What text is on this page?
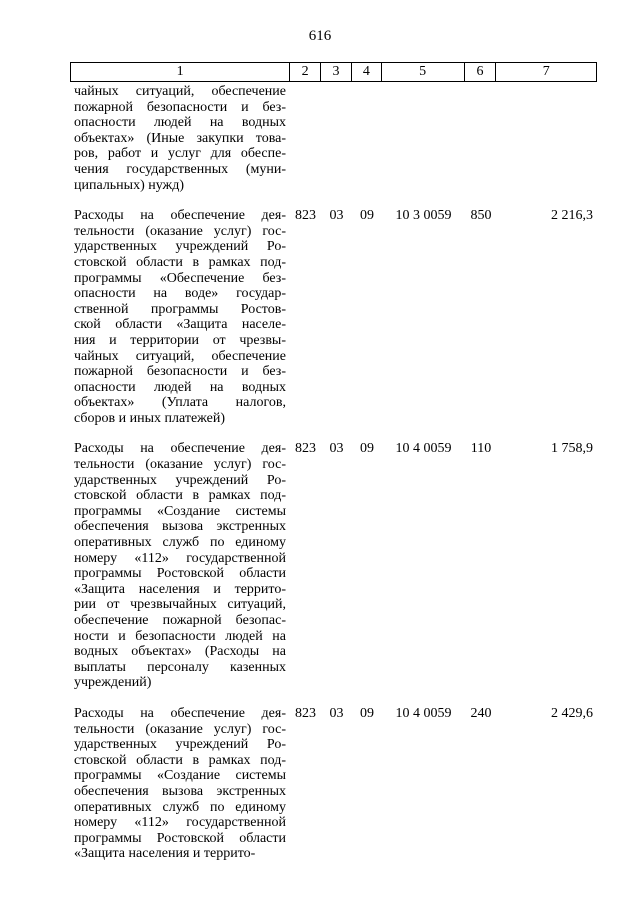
616
1	2	3	4	5	6	7
чайных ситуаций, обеспечение
пожарной безопасности и без-
опасности людей на водных
объектах» (Иные закупки това-
ров, работ и услуг для обеспе-
чения государственных (муни-
ципальных) нужд)
Расходы на обеспечение дея-
тельности (оказание услуг) гос-
ударственных учреждений Ро-
стовской области в рамках под-
программы «Обеспечение без-
опасности на воде» государ-
ственной программы Ростов-
ской области «Защита населе-
ния и территории от чрезвы-
чайных ситуаций, обеспечение
пожарной безопасности и без-
опасности людей на водных
объектах» (Уплата налогов,
сборов и иных платежей)
823 03	09	10 3 0059	850	2 216,3
Расходы на обеспечение дея-
тельности (оказание услуг) гос-
ударственных учреждений Ро-
стовской области в рамках под-
программы «Создание системы
обеспечения вызова экстренных
оперативных служб по единому
номеру «112» государственной
программы Ростовской области
«Защита населения и террито-
рии от чрезвычайных ситуаций,
обеспечение пожарной безопас-
ности и безопасности людей на
водных объектах» (Расходы на
выплаты персоналу казенных
учреждений)
823 03	09	10 4 0059	110	1 758,9
Расходы на обеспечение дея-
тельности (оказание услуг) гос-
ударственных учреждений Ро-
стовской области в рамках под-
программы «Создание системы
обеспечения вызова экстренных
оперативных служб по единому
номеру «112» государственной
программы Ростовской области
«Защита населения и террито-
823 03	09	10 4 0059	240	2 429,6
